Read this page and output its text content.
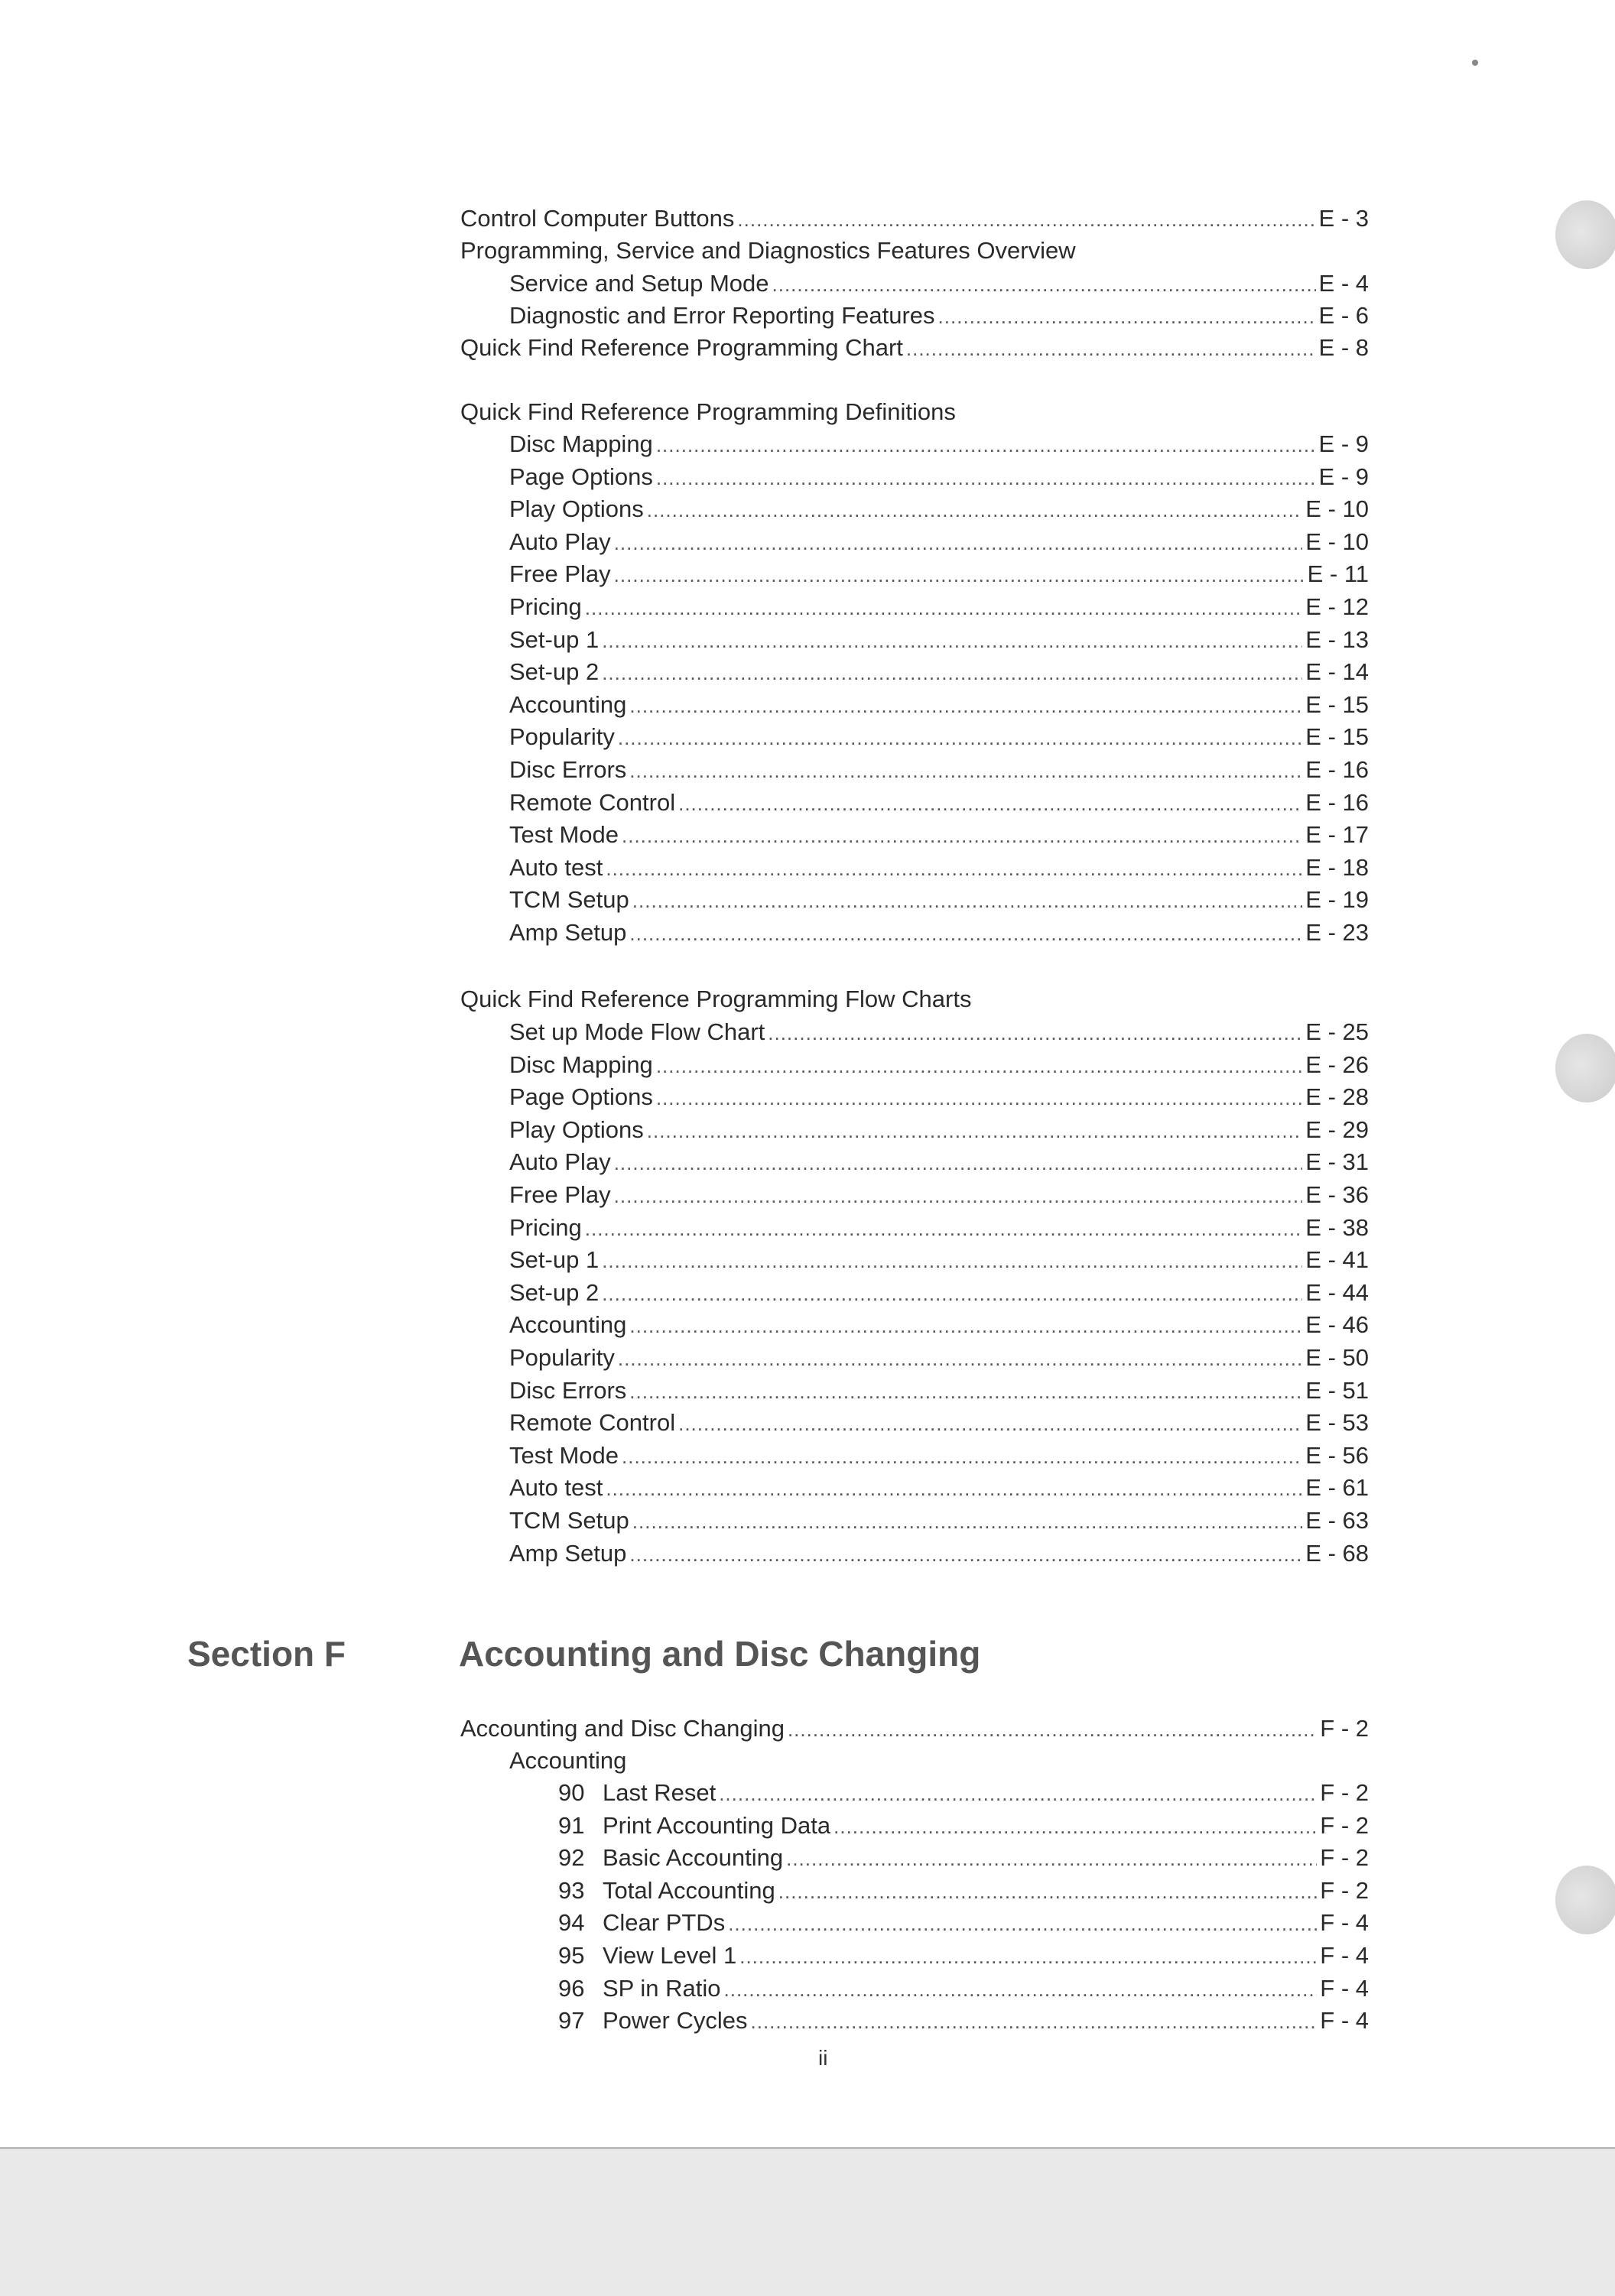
Control Computer Buttons .....	E - 3
Programming, Service and Diagnostics Features Overview
Service and Setup Mode .....	E - 4
Diagnostic and Error Reporting Features .....	E - 6
Quick Find Reference Programming Chart .....	E - 8
Quick Find Reference Programming Definitions
Disc Mapping .....	E - 9
Page Options .....	E - 9
Play Options .....	E - 10
Auto Play .....	E - 10
Free Play .....	E - 11
Pricing .....	E - 12
Set-up 1 .....	E - 13
Set-up 2 .....	E - 14
Accounting .....	E - 15
Popularity .....	E - 15
Disc Errors .....	E - 16
Remote Control .....	E - 16
Test Mode .....	E - 17
Auto test .....	E - 18
TCM Setup .....	E - 19
Amp Setup .....	E - 23
Quick Find Reference Programming Flow Charts
Set up Mode Flow Chart .....	E - 25
Disc Mapping .....	E - 26
Page Options .....	E - 28
Play Options .....	E - 29
Auto Play .....	E - 31
Free Play .....	E - 36
Pricing .....	E - 38
Set-up 1 .....	E - 41
Set-up 2 .....	E - 44
Accounting .....	E - 46
Popularity .....	E - 50
Disc Errors .....	E - 51
Remote Control .....	E - 53
Test Mode .....	E - 56
Auto test .....	E - 61
TCM Setup .....	E - 63
Amp Setup .....	E - 68
Section F	Accounting and Disc Changing
Accounting and Disc Changing .....	F - 2
Accounting
90 Last Reset .....	F - 2
91 Print Accounting Data .....	F - 2
92 Basic Accounting .....	F - 2
93 Total Accounting .....	F - 2
94 Clear PTDs .....	F - 4
95 View Level 1 .....	F - 4
96 SP in Ratio .....	F - 4
97 Power Cycles .....	F - 4
ii
